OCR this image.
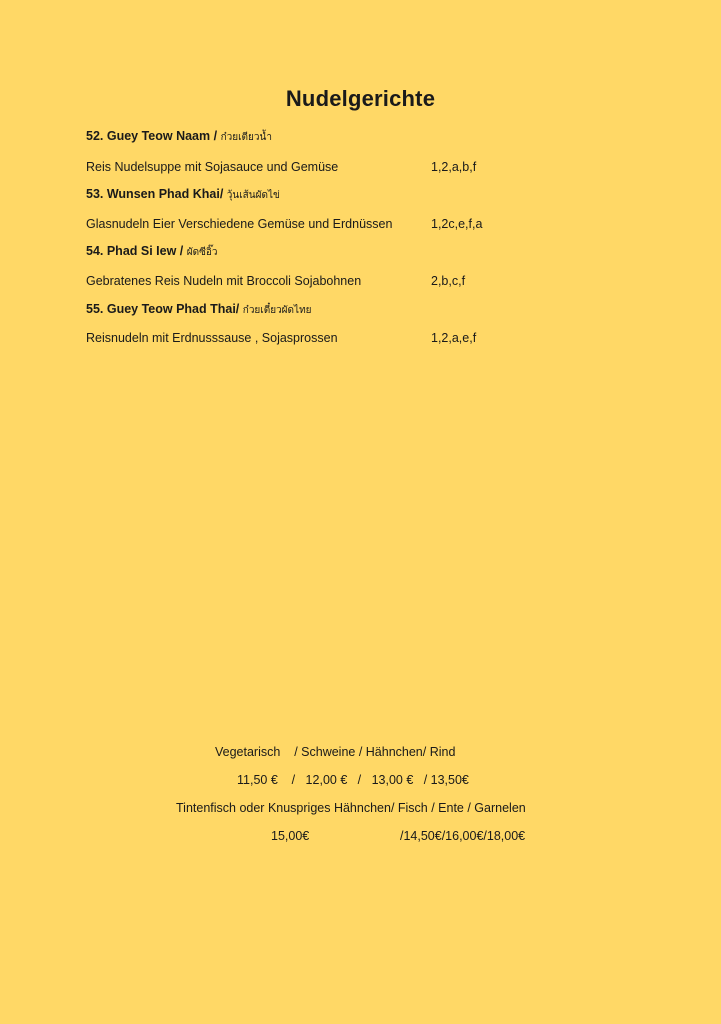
Nudelgerichte
52. Guey Teow Naam / ก๋วยเตียวน้ำ
Reis Nudelsuppe mit Sojasauce und Gemüse	1,2,a,b,f
53. Wunsen Phad Khai/ วุ้นเส้นผัดไข่
Glasnudeln Eier Verschiedene Gemüse und Erdnüssen	1,2c,e,f,a
54. Phad Si Iew / ผัดซีอิ๊ว
Gebratenes Reis Nudeln mit Broccoli Sojabohnen	2,b,c,f
55. Guey Teow Phad Thai/ ก๋วยเตี๋ยวผัดไทย
Reisnudeln mit Erdnusssause , Sojasprossen	1,2,a,e,f
Vegetarisch    / Schweine / Hähnchen/ Rind
11,50 €    /   12,00 €   /   13,00 €   / 13,50€
Tintenfisch oder Knuspriges Hähnchen/ Fisch / Ente / Garnelen
15,00€	/14,50€/16,00€/18,00€
